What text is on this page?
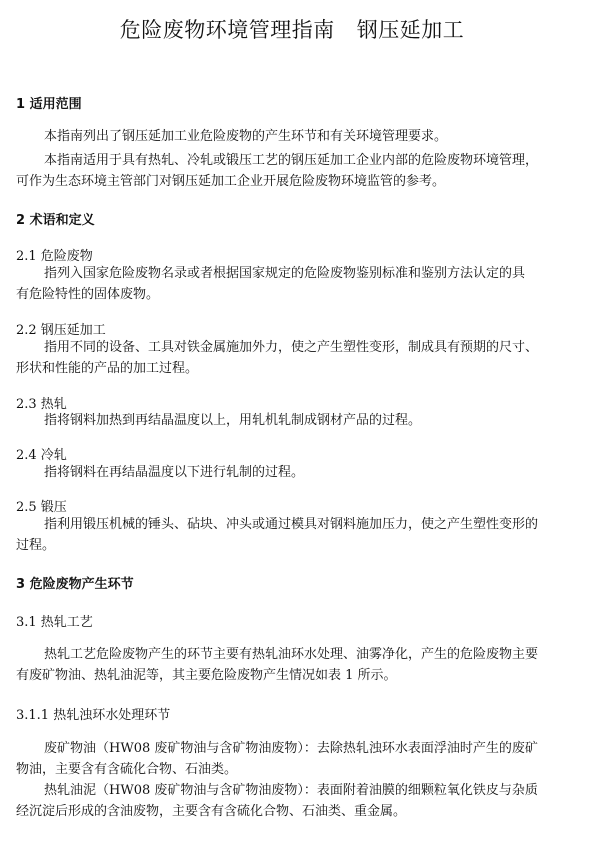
危险废物环境管理指南 钢压延加工
1 适用范围
本指南列出了钢压延加工业危险废物的产生环节和有关环境管理要求。
本指南适用于具有热轧、冷轧或锻压工艺的钢压延加工企业内部的危险废物环境管理，
可作为生态环境主管部门对钢压延加工企业开展危险废物环境监管的参考。
2 术语和定义
2.1 危险废物
指列入国家危险废物名录或者根据国家规定的危险废物鉴别标准和鉴别方法认定的具
有危险特性的固体废物。
2.2 钢压延加工
指用不同的设备、工具对铁金属施加外力，使之产生塑性变形，制成具有预期的尺寸、
形状和性能的产品的加工过程。
2.3 热轧
指将钢料加热到再结晶温度以上，用轧机轧制成钢材产品的过程。
2.4 冷轧
指将钢料在再结晶温度以下进行轧制的过程。
2.5 锻压
指利用锻压机械的锤头、砧块、冲头或通过模具对钢料施加压力，使之产生塑性变形的
过程。
3 危险废物产生环节
3.1 热轧工艺
热轧工艺危险废物产生的环节主要有热轧油环水处理、油雾净化，产生的危险废物主要
有废矿物油、热轧油泥等，其主要危险废物产生情况如表 1 所示。
3.1.1 热轧浊环水处理环节
废矿物油（HW08 废矿物油与含矿物油废物）：去除热轧浊环水表面浮油时产生的废矿
物油，主要含有含硫化合物、石油类。
热轧油泥（HW08 废矿物油与含矿物油废物）：表面附着油膜的细颗粒氧化铁皮与杂质
经沉淀后形成的含油废物，主要含有含硫化合物、石油类、重金属。
